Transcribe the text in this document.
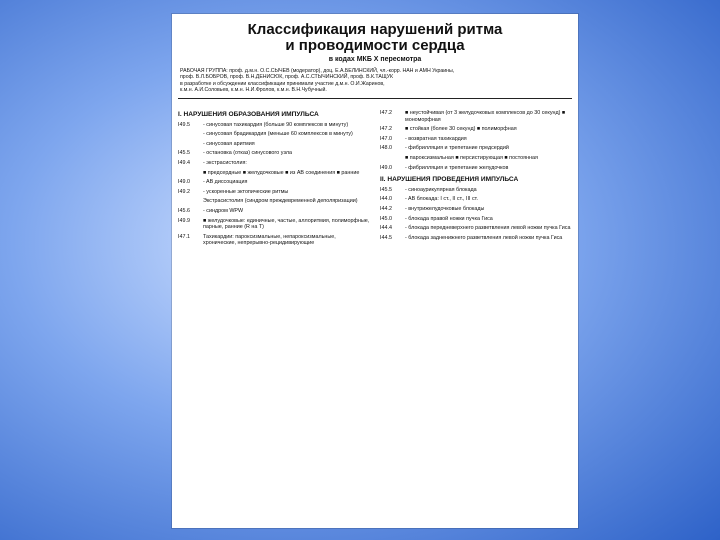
Классификация нарушений ритма
и проводимости сердца
в кодах МКБ X пересмотра
РАБОЧАЯ ГРУППА: проф. д.м.н. О.С.СЫЧЕВ (модератор), доц. Е.А.БЕЛИНСКИЙ, чл.-корр. НАН и АМН Украины,
проф. В.Л.БОБРОВ, проф. В.Н.ДЕНИСЮК, проф. А.С.СТЫЧИНСКИЙ, проф. В.К.ТАЩУК
в разработке и обсуждении классификации принимали участие д.м.н. О.И.Жаринов,
к.м.н. А.И.Соловьев, к.м.н. Н.И.Фролов, к.м.н. В.Н.Чубучный.
I. НАРУШЕНИЯ ОБРАЗОВАНИЯ ИМПУЛЬСА
I49.5	- синусовая тахикардия (больше 90 комплексов в минуту)
- синусовая брадикардия (меньше 60 комплексов в минуту)
- синусовая аритмия
I45.5	- остановка (отказ) синусового узла
I49.4	- экстрасистолия:
■ предсердные ■ желудочковые ■ из AB соединения ■ ранние
I49.0	- AB диссоциация
I49.2	- ускоренные эктопические ритмы
Экстрасистолия (синдром преждевременной деполяризации)
I45.6	- синдром WPW
I49.9	■ желудочковые: единичные, частые, аллоритмия, полиморфные, парные, ранние (R на T)
I47.1	Тахикардии: пароксизмальные, непароксизмальные, хронические, непрерывно-рецидивирующие
I47.2	■ неустойчивая (от 3 желудочковых комплексов до 30 секунд) ■ мономорфная
I47.2	■ стойкая (более 30 секунд) ■ полиморфная
I47.0	- возвратная тахикардия
I48.0	- фибрилляция и трепетание предсердий
■ пароксизмальная ■ персистирующая ■ постоянная
I49.0	- фибрилляция и трепетание желудочков
II. НАРУШЕНИЯ ПРОВЕДЕНИЯ ИМПУЛЬСА
I45.5	- синоаурикулярная блокада
I44.0	- AB блокада: I ст., II ст., III ст.
I44.2	- внутрижелудочковые блокады
I45.0	- блокада правой ножки пучка Гиса
I44.4	- блокада передневерхнего разветвления левой ножки пучка Гиса
I44.5	- блокада задненижнего разветвления левой ножки пучка Гиса
